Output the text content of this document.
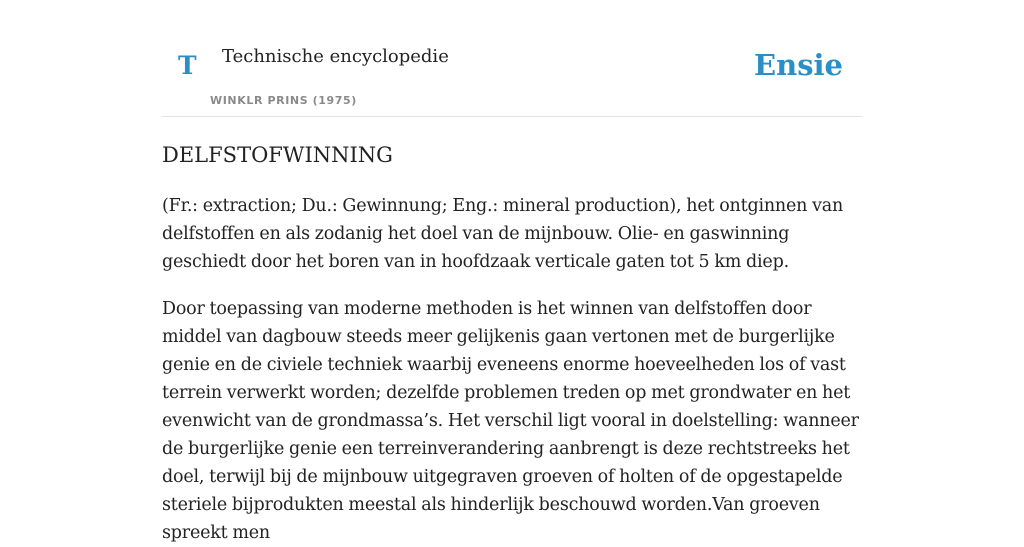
T Technische encyclopedie
WINKLR PRINS (1975)
Ensie
DELFSTOFWINNING

(Fr.: extraction; Du.: Gewinnung; Eng.: mineral production), het ontginnen van delfstoffen en als zodanig het doel van de mijnbouw. Olie- en gaswinning geschiedt door het boren van in hoofdzaak verticale gaten tot 5 km diep.

Door toepassing van moderne methoden is het winnen van delfstoffen door middel van dagbouw steeds meer gelijkenis gaan vertonen met de burgerlijke genie en de civiele techniek waarbij eveneens enorme hoeveelheden los of vast terrein verwerkt worden; dezelfde problemen treden op met grondwater en het evenwicht van de grondmassa’s. Het verschil ligt vooral in doelstelling: wanneer de burgerlijke genie een terreinverandering aanbrengt is deze rechtstreeks het doel, terwijl bij de mijnbouw uitgegraven groeven of holten of de opgestapelde steriele bijprodukten meestal als hinderlijk beschouwd worden.Van groeven spreekt men
